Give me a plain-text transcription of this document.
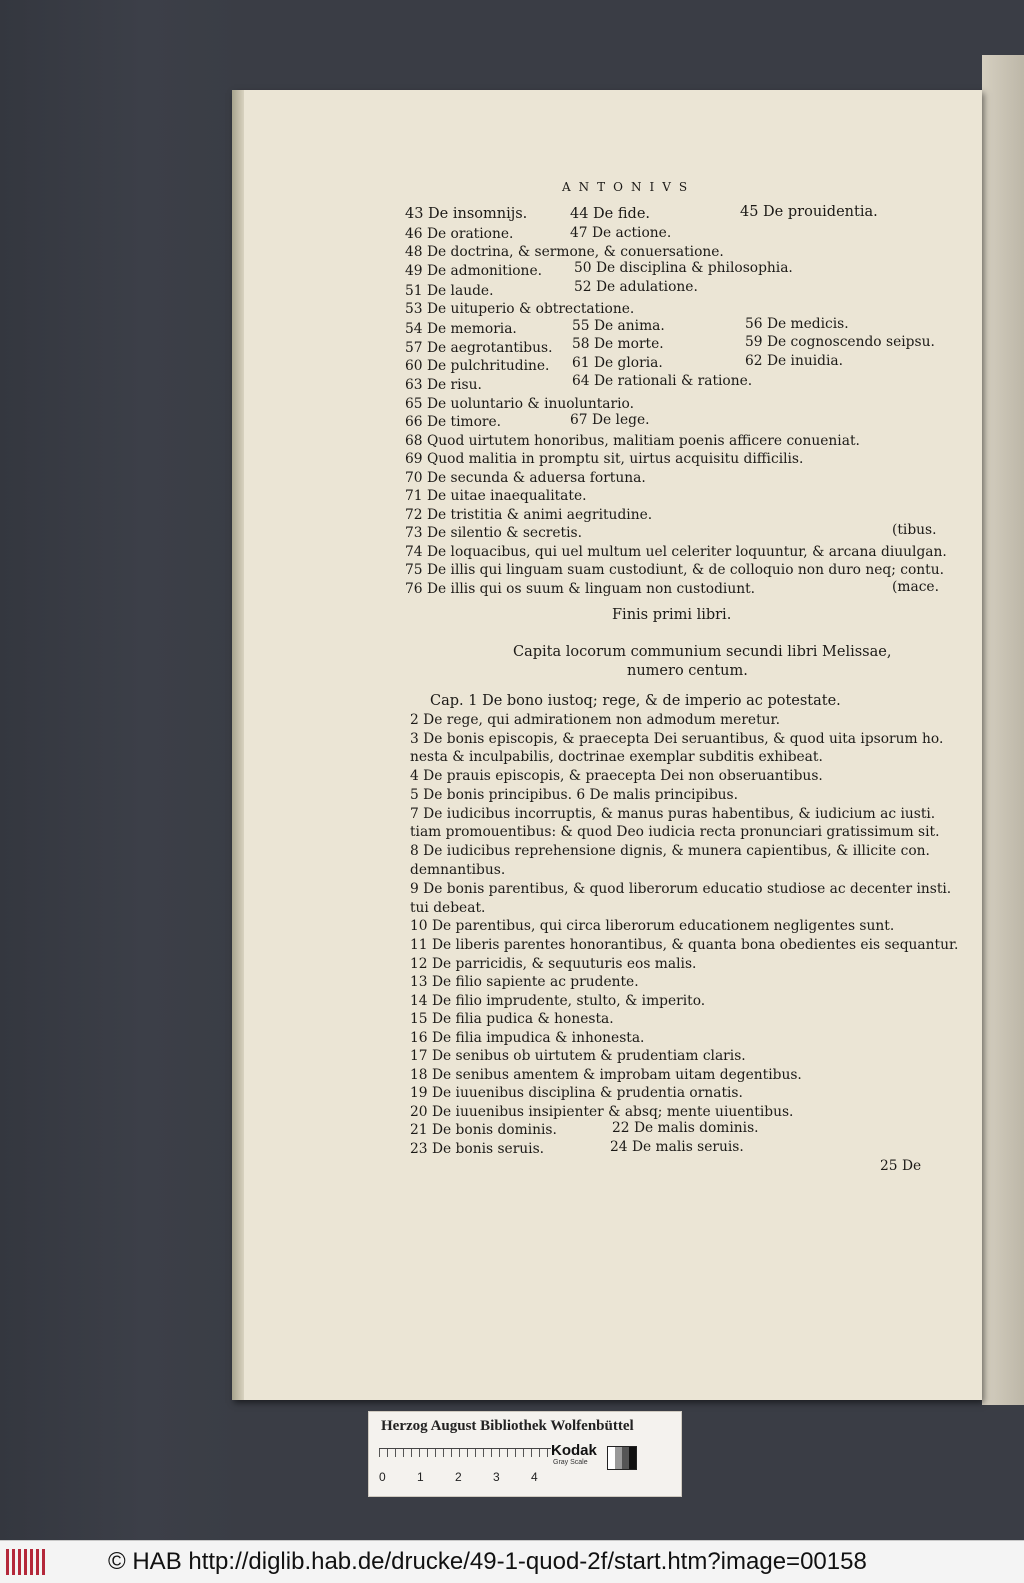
ANTONIVS
43 De insomnijs.	44 De fide.	45 De prouidentia.
46 De oratione.	47 De actione.
48 De doctrina, & sermone, & conuersatione.
49 De admonitione. 50 De disciplina & philosophia.
51 De laude.	52 De adulatione.
53 De uituperio & obtrectatione.
54 De memoria.	55 De anima.	56 De medicis.
57 De aegrotantibus. 58 De morte.	59 De cognoscendo seipsu.
60 De pulchritudine. 61 De gloria.	62 De inuidia.
63 De risu.	64 De rationali & ratione.
65 De uoluntario & inuoluntario.
66 De timore.	67 De lege.
68 Quod uirtutem honoribus, malitiam poenis afficere conueniat.
69 Quod malitia in promptu sit, uirtus acquisitu difficilis.
70 De secunda & aduersa fortuna.
71 De uitae inaequalitate.
72 De tristitia & animi aegritudine.
73 De silentio & secretis.	(tibus.
74 De loquacibus, qui uel multum uel celeriter loquuntur, & arcana diuulgan.
75 De illis qui linguam suam custodiunt, & de colloquio non duro neq; contu.
76 De illis qui os suum & linguam non custodiunt.	(mace.
Finis primi libri.
Capita locorum communium secundi libri Melissae,
numero centum.
Cap. 1 De bono iustoq; rege, & de imperio ac potestate.
2 De rege, qui admirationem non admodum meretur.
3 De bonis episcopis, & praecepta Dei seruantibus, & quod uita ipsorum ho.
nesta & inculpabilis, doctrinae exemplar subditis exhibeat.
4 De prauis episcopis, & praecepta Dei non obseruantibus.
5 De bonis principibus. 6 De malis principibus.
7 De iudicibus incorruptis, & manus puras habentibus, & iudicium ac iusti.
tiam promouentibus: & quod Deo iudicia recta pronunciari gratissimum sit.
8 De iudicibus reprehensione dignis, & munera capientibus, & illicite con.
demnantibus.
9 De bonis parentibus, & quod liberorum educatio studiose ac decenter insti.
tui debeat.
10 De parentibus, qui circa liberorum educationem negligentes sunt.
11 De liberis parentes honorantibus, & quanta bona obedientes eis sequantur.
12 De parricidis, & sequuturis eos malis.
13 De filio sapiente ac prudente.
14 De filio imprudente, stulto, & imperito.
15 De filia pudica & honesta.
16 De filia impudica & inhonesta.
17 De senibus ob uirtutem & prudentiam claris.
18 De senibus amentem & improbam uitam degentibus.
19 De iuuenibus disciplina & prudentia ornatis.
20 De iuuenibus insipienter & absq; mente uiuentibus.
21 De bonis dominis.	22 De malis dominis.
23 De bonis seruis.	24 De malis seruis.
25 De
Herzog August Bibliothek Wolfenbüttel
0	1	2	3	4
Kodak
Gray Scale
© HAB http://diglib.hab.de/drucke/49-1-quod-2f/start.htm?image=00158
